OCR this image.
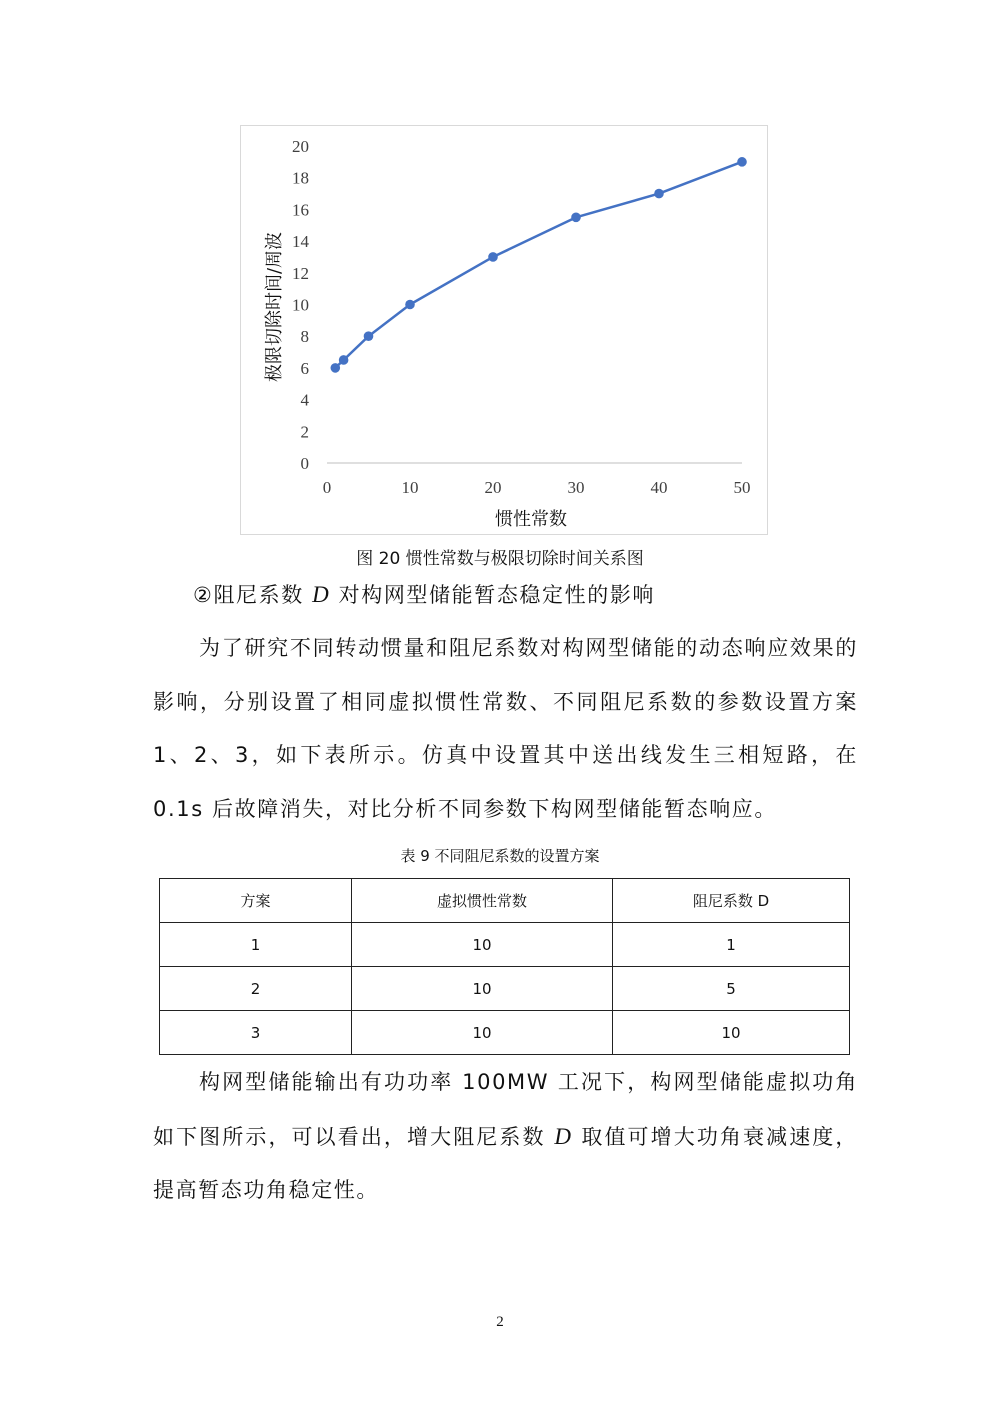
0
2
4
6
8
10
12
14
16
18
20
0	10	20	30	40	50
惯性常数
极限切除时间/周波
图 20 惯性常数与极限切除时间关系图

②阻尼系数 D 对构网型储能暂态稳定性的影响

为了研究不同转动惯量和阻尼系数对构网型储能的动态响应效果的影响，分别设置了相同虚拟惯性常数、不同阻尼系数的参数设置方案 1、2、3，如下表所示。仿真中设置其中送出线发生三相短路，在 0.1s 后故障消失，对比分析不同参数下构网型储能暂态响应。

表 9 不同阻尼系数的设置方案
方案	虚拟惯性常数	阻尼系数 D
1	10	1
2	10	5
3	10	10

构网型储能输出有功功率 100MW 工况下，构网型储能虚拟功角如下图所示，可以看出，增大阻尼系数 D 取值可增大功角衰减速度，提高暂态功角稳定性。

2
